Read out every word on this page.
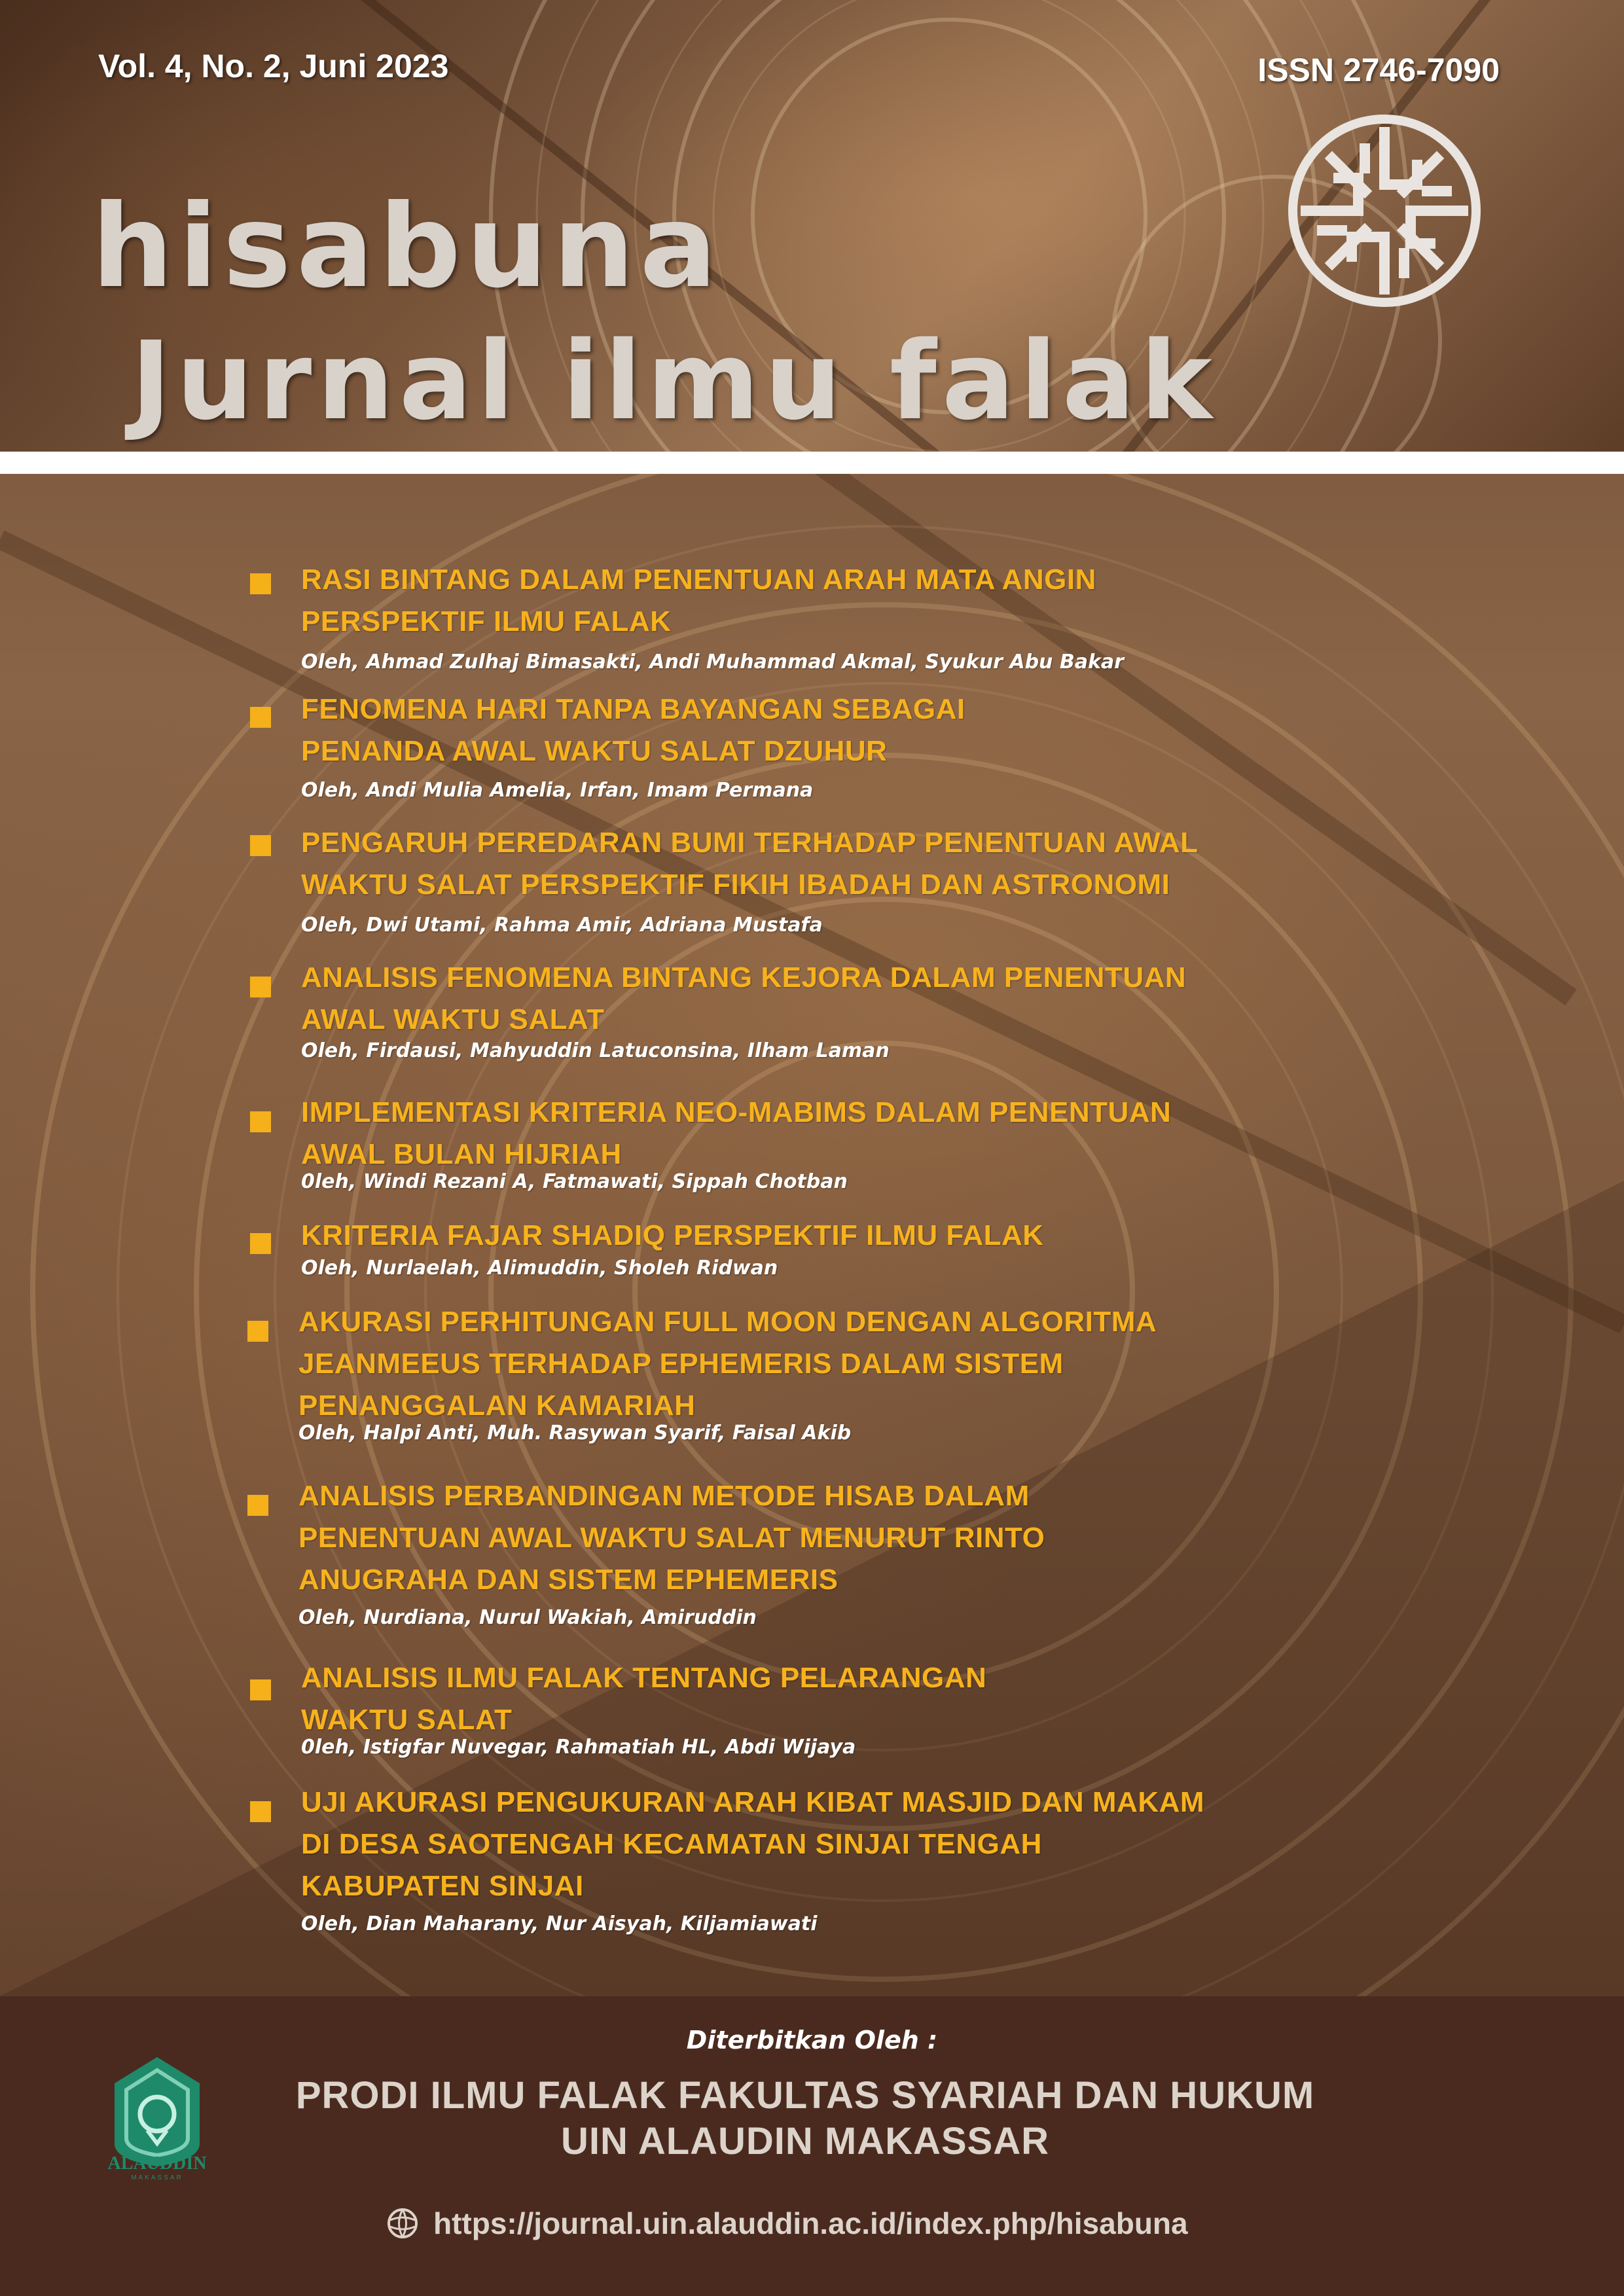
Vol. 4, No. 2, Juni 2023	ISSN 2746-7090
hisabuna
Jurnal ilmu falak
RASI BINTANG DALAM PENENTUAN ARAH MATA ANGIN
PERSPEKTIF ILMU FALAK
Oleh, Ahmad Zulhaj Bimasakti, Andi Muhammad Akmal, Syukur Abu Bakar
FENOMENA HARI TANPA BAYANGAN SEBAGAI
PENANDA AWAL WAKTU SALAT DZUHUR
Oleh, Andi Mulia Amelia, Irfan, Imam Permana
PENGARUH PEREDARAN BUMI TERHADAP PENENTUAN AWAL
WAKTU SALAT PERSPEKTIF FIKIH IBADAH DAN ASTRONOMI
Oleh, Dwi Utami, Rahma Amir, Adriana Mustafa
ANALISIS FENOMENA BINTANG KEJORA DALAM PENENTUAN
AWAL WAKTU SALAT
Oleh, Firdausi, Mahyuddin Latuconsina, Ilham Laman
IMPLEMENTASI KRITERIA NEO-MABIMS DALAM PENENTUAN
AWAL BULAN HIJRIAH
0leh, Windi Rezani A, Fatmawati, Sippah Chotban
KRITERIA FAJAR SHADIQ PERSPEKTIF ILMU FALAK
Oleh, Nurlaelah, Alimuddin, Sholeh Ridwan
AKURASI PERHITUNGAN FULL MOON DENGAN ALGORITMA
JEANMEEUS TERHADAP EPHEMERIS DALAM SISTEM
PENANGGALAN KAMARIAH
Oleh, Halpi Anti, Muh. Rasywan Syarif, Faisal Akib
ANALISIS PERBANDINGAN METODE HISAB DALAM
PENENTUAN AWAL WAKTU SALAT MENURUT RINTO
ANUGRAHA DAN SISTEM EPHEMERIS
Oleh, Nurdiana, Nurul Wakiah, Amiruddin
ANALISIS ILMU FALAK TENTANG PELARANGAN
WAKTU SALAT
0leh, Istigfar Nuvegar, Rahmatiah HL, Abdi Wijaya
UJI AKURASI PENGUKURAN ARAH KIBAT MASJID DAN MAKAM
DI DESA SAOTENGAH KECAMATAN SINJAI TENGAH
KABUPATEN SINJAI
Oleh, Dian Maharany, Nur Aisyah, Kiljamiawati
ALAUDDIN
MAKASSAR
Diterbitkan Oleh :
PRODI ILMU FALAK FAKULTAS SYARIAH DAN HUKUM
UIN ALAUDIN MAKASSAR
https://journal.uin.alauddin.ac.id/index.php/hisabuna
